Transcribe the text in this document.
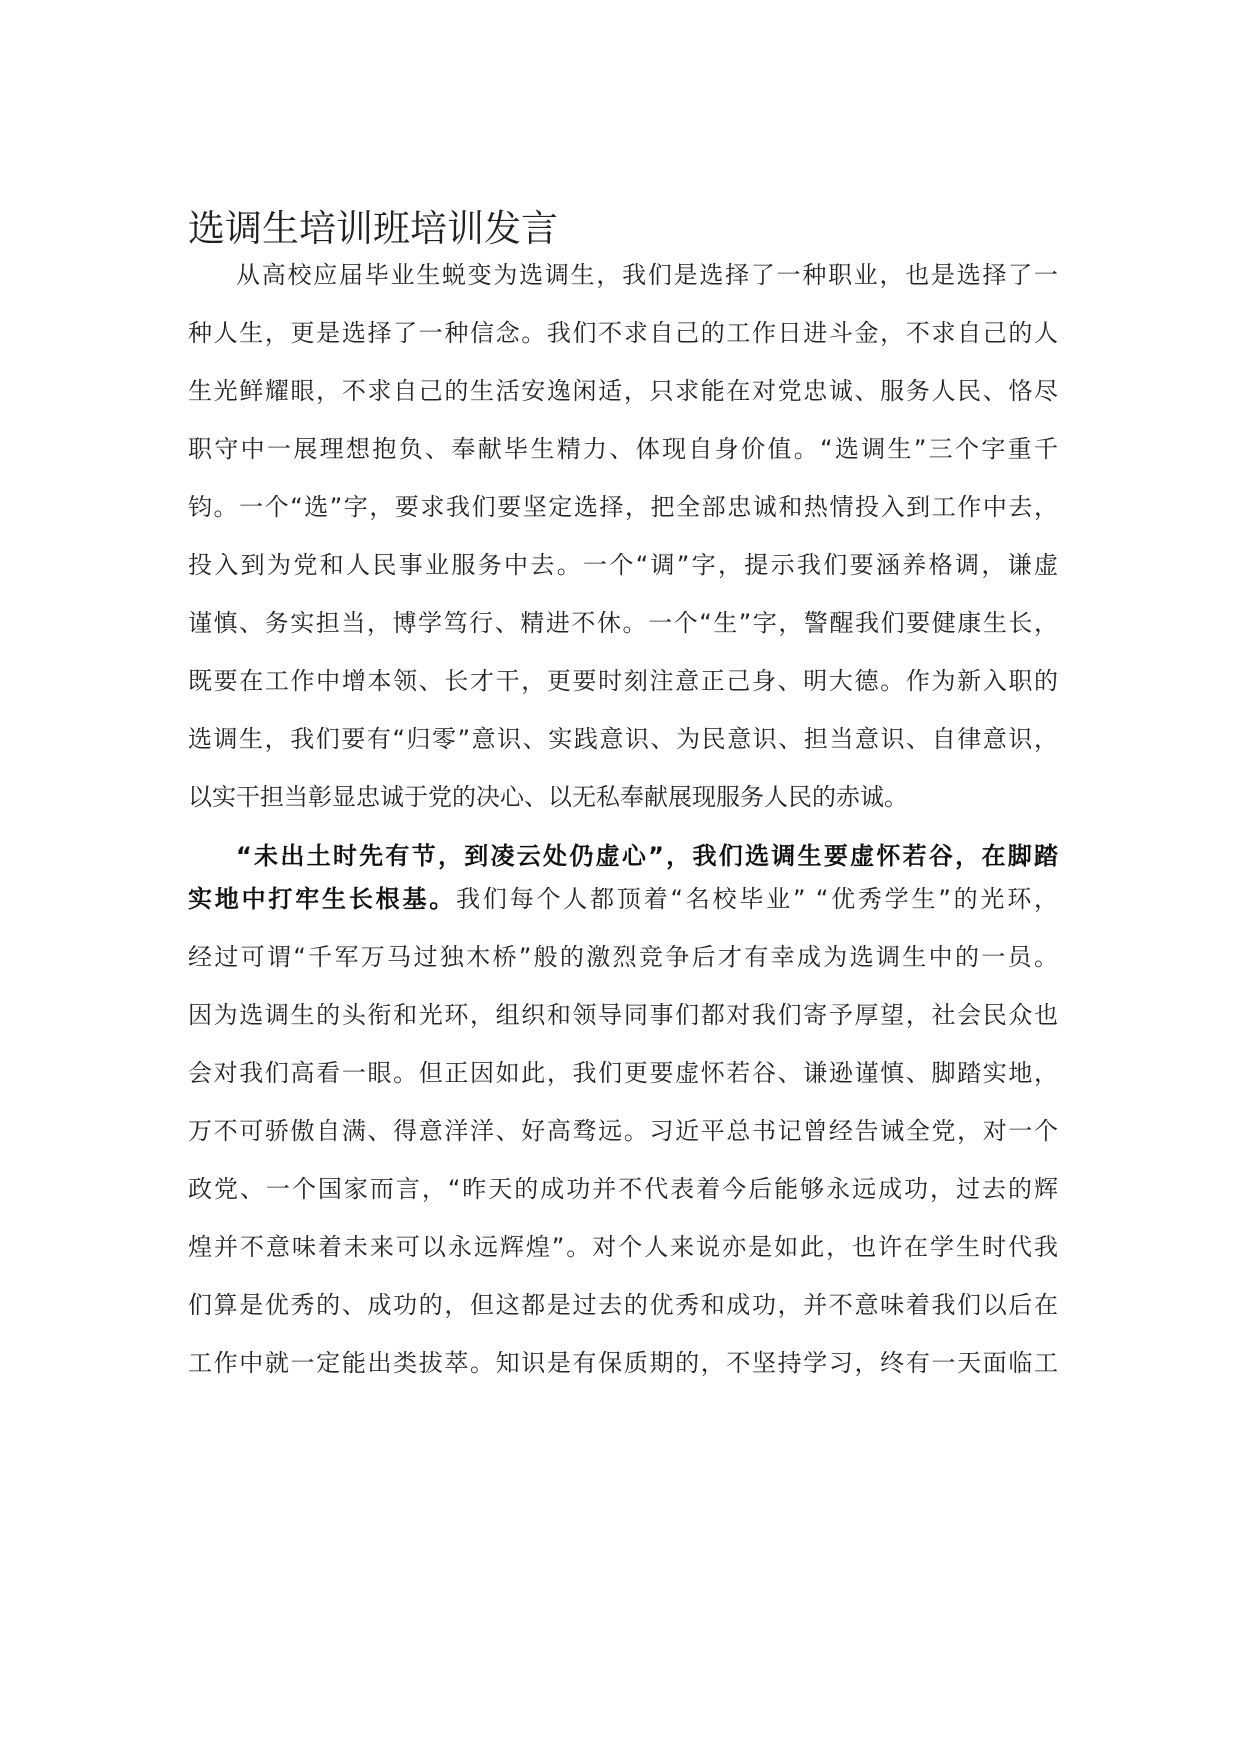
选调生培训班培训发言

从高校应届毕业生蜕变为选调生，我们是选择了一种职业，也是选择了一

种人生，更是选择了一种信念。我们不求自己的工作日进斗金，不求自己的人

生光鲜耀眼，不求自己的生活安逸闲适，只求能在对党忠诚、服务人民、恪尽

职守中一展理想抱负、奉献毕生精力、体现自身价值。“选调生”三个字重千

钧。一个“选”字，要求我们要坚定选择，把全部忠诚和热情投入到工作中去，

投入到为党和人民事业服务中去。一个“调”字，提示我们要涵养格调，谦虚

谨慎、务实担当，博学笃行、精进不休。一个“生”字，警醒我们要健康生长，

既要在工作中增本领、长才干，更要时刻注意正己身、明大德。作为新入职的

选调生，我们要有“归零”意识、实践意识、为民意识、担当意识、自律意识，

以实干担当彰显忠诚于党的决心、以无私奉献展现服务人民的赤诚。

“未出土时先有节，到凌云处仍虚心”，我们选调生要虚怀若谷，在脚踏

实地中打牢生长根基。我们每个人都顶着“名校毕业” “优秀学生”的光环，

经过可谓“千军万马过独木桥”般的激烈竞争后才有幸成为选调生中的一员。

因为选调生的头衔和光环，组织和领导同事们都对我们寄予厚望，社会民众也

会对我们高看一眼。但正因如此，我们更要虚怀若谷、谦逊谨慎、脚踏实地，

万不可骄傲自满、得意洋洋、好高骛远。习近平总书记曾经告诫全党，对一个

政党、一个国家而言，“昨天的成功并不代表着今后能够永远成功，过去的辉

煌并不意味着未来可以永远辉煌”。对个人来说亦是如此，也许在学生时代我

们算是优秀的、成功的，但这都是过去的优秀和成功，并不意味着我们以后在

工作中就一定能出类拔萃。知识是有保质期的，不坚持学习，终有一天面临工
